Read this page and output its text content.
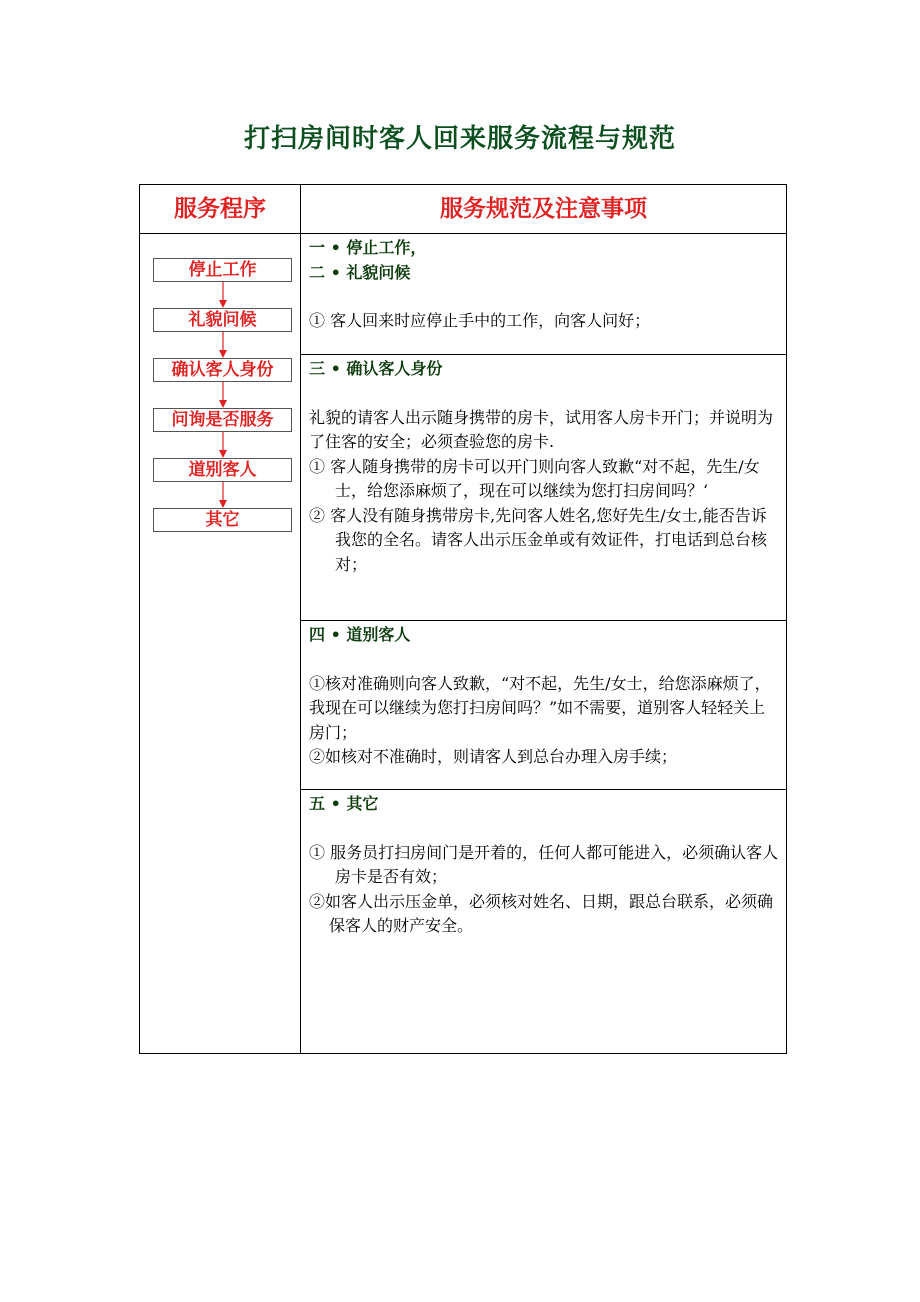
打扫房间时客人回来服务流程与规范
服务程序	服务规范及注意事项
停止工作
礼貌问候
确认客人身份
问询是否服务
道别客人
其它

一 • 停止工作，

二 • 礼貌问候

① 客人回来时应停止手中的工作，向客人问好；

三 • 确认客人身份

礼貌的请客人出示随身携带的房卡，试用客人房卡开门；并说明为了住客的安全；必须查验您的房卡.

① 客人随身携带的房卡可以开门则向客人致歉“对不起，先生/女士，给您添麻烦了，现在可以继续为您打扫房间吗？‘

② 客人没有随身携带房卡,先问客人姓名,您好先生/女士,能否告诉我您的全名。请客人出示压金单或有效证件，打电话到总台核对；

四 • 道别客人

①核对准确则向客人致歉，“对不起，先生/女士，给您添麻烦了，我现在可以继续为您打扫房间吗？”如不需要，道别客人轻轻关上房门；

②如核对不准确时，则请客人到总台办理入房手续；

五 • 其它

① 服务员打扫房间门是开着的，任何人都可能进入，必须确认客人房卡是否有效；

②如客人出示压金单，必须核对姓名、日期，跟总台联系，必须确保客人的财产安全。
